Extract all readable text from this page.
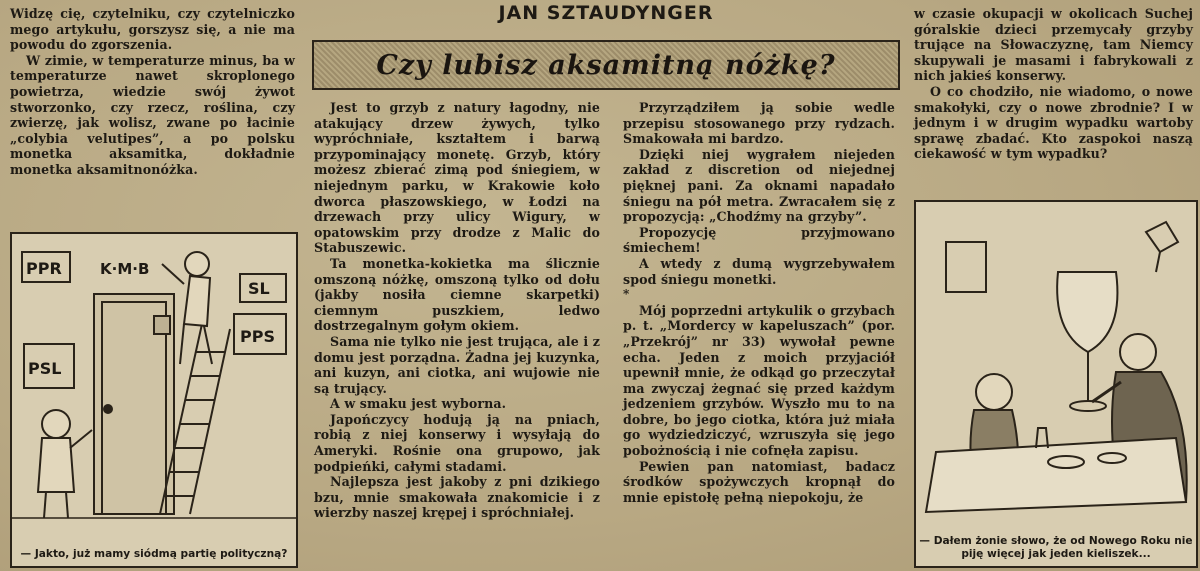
Widzę cię, czytelniku, czy czytelniczko mego artykułu, gorszysz się, a nie ma powodu do zgorszenia.

W zimie, w temperaturze minus, ba w temperaturze nawet skroplonego powietrza, wiedzie swój żywot stworzonko, czy rzecz, roślina, czy zwierzę, jak wolisz, zwane po łacinie „colybia velutipes”, a po polsku monetka aksamitka, dokładnie monetka aksamitnonóżka.

JAN SZTAUDYNGER
Czy lubisz aksamitną nóżkę?

Jest to grzyb z natury łagodny, nie atakujący drzew żywych, tylko wypróchniałe, kształtem i barwą przypominający monetę. Grzyb, który możesz zbierać zimą pod śniegiem, w niejednym parku, w Krakowie koło dworca płaszowskiego, w Łodzi na drzewach przy ulicy Wigury, w opatowskim przy drodze z Malic do Stabuszewic.

Ta monetka-kokietka ma ślicznie omszoną nóżkę, omszoną tylko od dołu (jakby nosiła ciemne skarpetki) ciemnym puszkiem, ledwo dostrzegalnym gołym okiem.

Sama nie tylko nie jest trująca, ale i z domu jest porządna. Żadna jej kuzynka, ani kuzyn, ani ciotka, ani wujowie nie są trujący.

A w smaku jest wyborna.

Japończycy hodują ją na pniach, robią z niej konserwy i wysyłają do Ameryki. Rośnie ona grupowo, jak podpieńki, całymi stadami.

Najlepsza jest jakoby z pni dzikiego bzu, mnie smakowała znakomicie i z wierzby naszej krępej i spróchniałej.

Przyrządziłem ją sobie wedle przepisu stosowanego przy rydzach. Smakowała mi bardzo.

Dzięki niej wygrałem niejeden zakład z discretion od niejednej pięknej pani. Za oknami napadało śniegu na pół metra. Zwracałem się z propozycją: „Chodźmy na grzyby”.

Propozycję przyjmowano śmiechem!

A wtedy z dumą wygrzebywałem spod śniegu monetki.

*

Mój poprzedni artykulik o grzybach p. t. „Mordercy w kapeluszach” (por. „Przekrój” nr 33) wywołał pewne echa. Jeden z moich przyjaciół upewnił mnie, że odkąd go przeczytał ma zwyczaj żegnać się przed każdym jedzeniem grzybów. Wyszło mu to na dobre, bo jego ciotka, która już miała go wydziedziczyć, wzruszyła się jego pobożnością i nie cofnęła zapisu.

Pewien pan natomiast, badacz środków spożywczych kropnął do mnie epistołę pełną niepokoju, że

w czasie okupacji w okolicach Suchej góralskie dzieci przemycały grzyby trujące na Słowaczyznę, tam Niemcy skupywali je masami i fabrykowali z nich jakieś konserwy.

O co chodziło, nie wiadomo, o nowe smakołyki, czy o nowe zbrodnie? I w jednym i w drugim wypadku wartoby sprawę zbadać. Kto zaspokoi naszą ciekawość w tym wypadku?

K·M·B
PPR
SL
PPS
PSL
— Jakto, już mamy siódmą partię polityczną?
— Dałem żonie słowo, że od Nowego Roku nie piję więcej jak jeden kieliszek...
